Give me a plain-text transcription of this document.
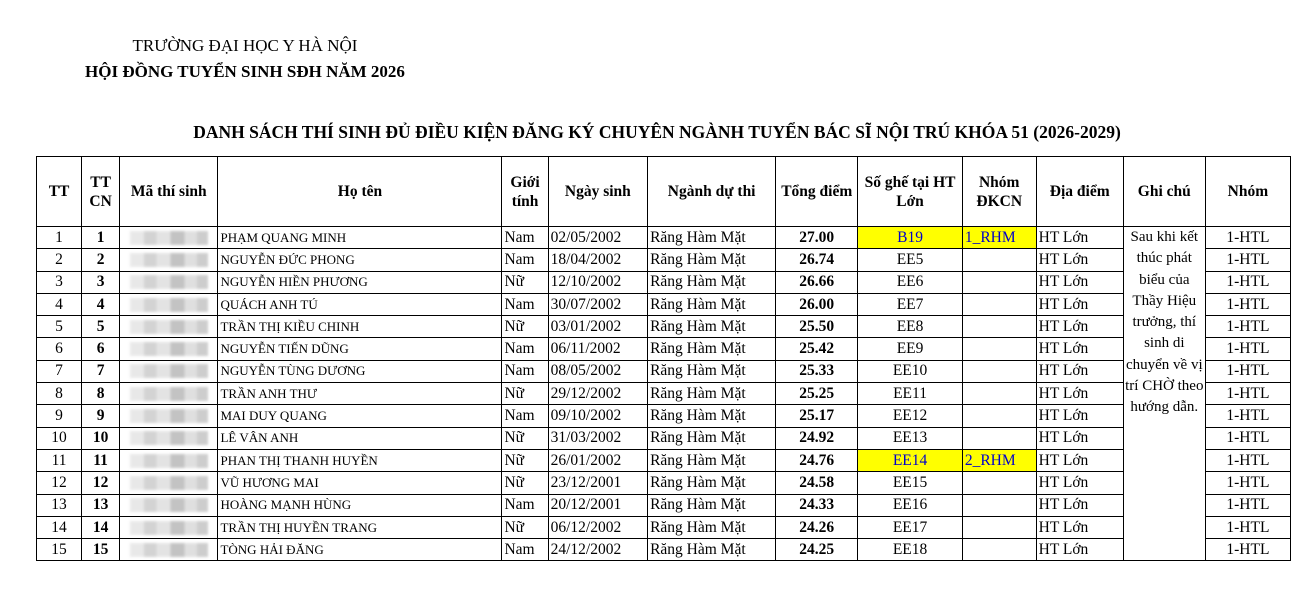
TRƯỜNG ĐẠI HỌC Y HÀ NỘI
HỘI ĐỒNG TUYỂN SINH SĐH NĂM 2026
DANH SÁCH THÍ SINH ĐỦ ĐIỀU KIỆN ĐĂNG KÝ CHUYÊN NGÀNH TUYỂN BÁC SĨ NỘI TRÚ KHÓA 51 (2026-2029)
TT	TT CN	Mã thí sinh	Họ tên	Giới tính	Ngày sinh	Ngành dự thi	Tổng điểm	Số ghế tại HT Lớn	Nhóm ĐKCN	Địa điểm	Ghi chú	Nhóm
1	1		PHẠM QUANG MINH	Nam	02/05/2002	Răng Hàm Mặt	27.00	B19	1_RHM	HT Lớn	Sau khi kết thúc phát biểu của Thầy Hiệu trưởng, thí sinh di chuyển về vị trí CHỜ theo hướng dẫn.	1-HTL
2	2		NGUYỄN ĐỨC PHONG	Nam	18/04/2002	Răng Hàm Mặt	26.74	EE5		HT Lớn		1-HTL
3	3		NGUYỄN HIỀN PHƯƠNG	Nữ	12/10/2002	Răng Hàm Mặt	26.66	EE6		HT Lớn		1-HTL
4	4		QUÁCH ANH TÚ	Nam	30/07/2002	Răng Hàm Mặt	26.00	EE7		HT Lớn		1-HTL
5	5		TRẦN THỊ KIỀU CHINH	Nữ	03/01/2002	Răng Hàm Mặt	25.50	EE8		HT Lớn		1-HTL
6	6		NGUYỄN TIẾN DŨNG	Nam	06/11/2002	Răng Hàm Mặt	25.42	EE9		HT Lớn		1-HTL
7	7		NGUYỄN TÙNG DƯƠNG	Nam	08/05/2002	Răng Hàm Mặt	25.33	EE10		HT Lớn		1-HTL
8	8		TRẦN ANH THƯ	Nữ	29/12/2002	Răng Hàm Mặt	25.25	EE11		HT Lớn		1-HTL
9	9		MAI DUY QUANG	Nam	09/10/2002	Răng Hàm Mặt	25.17	EE12		HT Lớn		1-HTL
10	10		LÊ VÂN ANH	Nữ	31/03/2002	Răng Hàm Mặt	24.92	EE13		HT Lớn		1-HTL
11	11		PHAN THỊ THANH HUYỀN	Nữ	26/01/2002	Răng Hàm Mặt	24.76	EE14	2_RHM	HT Lớn		1-HTL
12	12		VŨ HƯƠNG MAI	Nữ	23/12/2001	Răng Hàm Mặt	24.58	EE15		HT Lớn		1-HTL
13	13		HOÀNG MẠNH HÙNG	Nam	20/12/2001	Răng Hàm Mặt	24.33	EE16		HT Lớn		1-HTL
14	14		TRẦN THỊ HUYỀN TRANG	Nữ	06/12/2002	Răng Hàm Mặt	24.26	EE17		HT Lớn		1-HTL
15	15		TÒNG HẢI ĐĂNG	Nam	24/12/2002	Răng Hàm Mặt	24.25	EE18		HT Lớn		1-HTL
